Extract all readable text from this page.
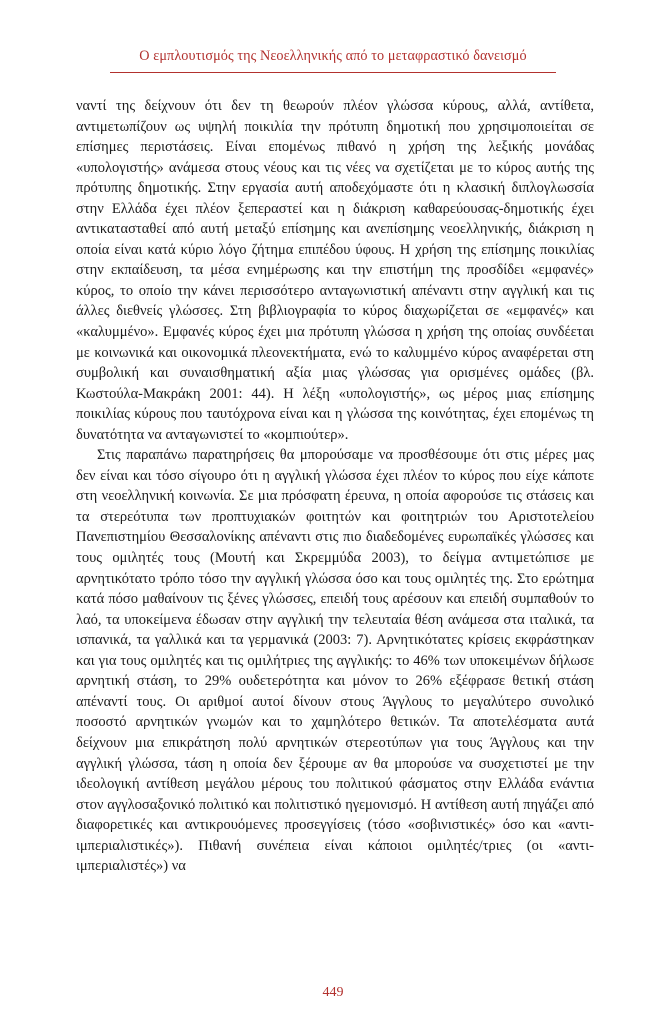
Ο εμπλουτισμός της Νεοελληνικής από το μεταφραστικό δανεισμό

ναντί της δείχνουν ότι δεν τη θεωρούν πλέον γλώσσα κύρους, αλλά, αντίθετα, αντιμετωπίζουν ως υψηλή ποικιλία την πρότυπη δημοτική που χρησιμοποιείται σε επίσημες περιστάσεις. Είναι επομένως πιθανό η χρήση της λεξικής μονάδας «υπολογιστής» ανάμεσα στους νέους και τις νέες να σχετίζεται με το κύρος αυτής της πρότυπης δημοτικής. Στην εργασία αυτή αποδεχόμαστε ότι η κλασική διπλογλωσσία στην Ελλάδα έχει πλέον ξεπεραστεί και η διάκριση καθαρεύουσας-δημοτικής έχει αντικατασταθεί από αυτή μεταξύ επίσημης και ανεπίσημης νεοελληνικής, διάκριση η οποία είναι κατά κύριο λόγο ζήτημα επιπέδου ύφους. Η χρήση της επίσημης ποικιλίας στην εκπαίδευση, τα μέσα ενημέρωσης και την επιστήμη της προσδίδει «εμφανές» κύρος, το οποίο την κάνει περισσότερο ανταγωνιστική απέναντι στην αγγλική και τις άλλες διεθνείς γλώσσες. Στη βιβλιογραφία το κύρος διαχωρίζεται σε «εμφανές» και «καλυμμένο». Εμφανές κύρος έχει μια πρότυπη γλώσσα η χρήση της οποίας συνδέεται με κοινωνικά και οικονομικά πλεονεκτήματα, ενώ το καλυμμένο κύρος αναφέρεται στη συμβολική και συναισθηματική αξία μιας γλώσσας για ορισμένες ομάδες (βλ. Κωστούλα-Μακράκη 2001: 44). Η λέξη «υπολογιστής», ως μέρος μιας επίσημης ποικιλίας κύρους που ταυτόχρονα είναι και η γλώσσα της κοινότητας, έχει επομένως τη δυνατότητα να ανταγωνιστεί το «κομπιούτερ».

Στις παραπάνω παρατηρήσεις θα μπορούσαμε να προσθέσουμε ότι στις μέρες μας δεν είναι και τόσο σίγουρο ότι η αγγλική γλώσσα έχει πλέον το κύρος που είχε κάποτε στη νεοελληνική κοινωνία. Σε μια πρόσφατη έρευνα, η οποία αφορούσε τις στάσεις και τα στερεότυπα των προπτυχιακών φοιτητών και φοιτητριών του Αριστοτελείου Πανεπιστημίου Θεσσαλονίκης απέναντι στις πιο διαδεδομένες ευρωπαϊκές γλώσσες και τους ομιλητές τους (Μουτή και Σκρεμμύδα 2003), το δείγμα αντιμετώπισε με αρνητικότατο τρόπο τόσο την αγγλική γλώσσα όσο και τους ομιλητές της. Στο ερώτημα κατά πόσο μαθαίνουν τις ξένες γλώσσες, επειδή τους αρέσουν και επειδή συμπαθούν το λαό, τα υποκείμενα έδωσαν στην αγγλική την τελευταία θέση ανάμεσα στα ιταλικά, τα ισπανικά, τα γαλλικά και τα γερμανικά (2003: 7). Αρνητικότατες κρίσεις εκφράστηκαν και για τους ομιλητές και τις ομιλήτριες της αγγλικής: το 46% των υποκειμένων δήλωσε αρνητική στάση, το 29% ουδετερότητα και μόνον το 26% εξέφρασε θετική στάση απέναντί τους. Οι αριθμοί αυτοί δίνουν στους Άγγλους το μεγαλύτερο συνολικό ποσοστό αρνητικών γνωμών και το χαμηλότερο θετικών. Τα αποτελέσματα αυτά δείχνουν μια επικράτηση πολύ αρνητικών στερεοτύπων για τους Άγγλους και την αγγλική γλώσσα, τάση η οποία δεν ξέρουμε αν θα μπορούσε να συσχετιστεί με την ιδεολογική αντίθεση μεγάλου μέρους του πολιτικού φάσματος στην Ελλάδα ενάντια στον αγγλοσαξονικό πολιτικό και πολιτιστικό ηγεμονισμό. Η αντίθεση αυτή πηγάζει από διαφορετικές και αντικρουόμενες προσεγγίσεις (τόσο «σοβινιστικές» όσο και «αντι-ιμπεριαλιστικές»). Πιθανή συνέπεια είναι κάποιοι ομιλητές/τριες (οι «αντι-ιμπεριαλιστές») να

449
